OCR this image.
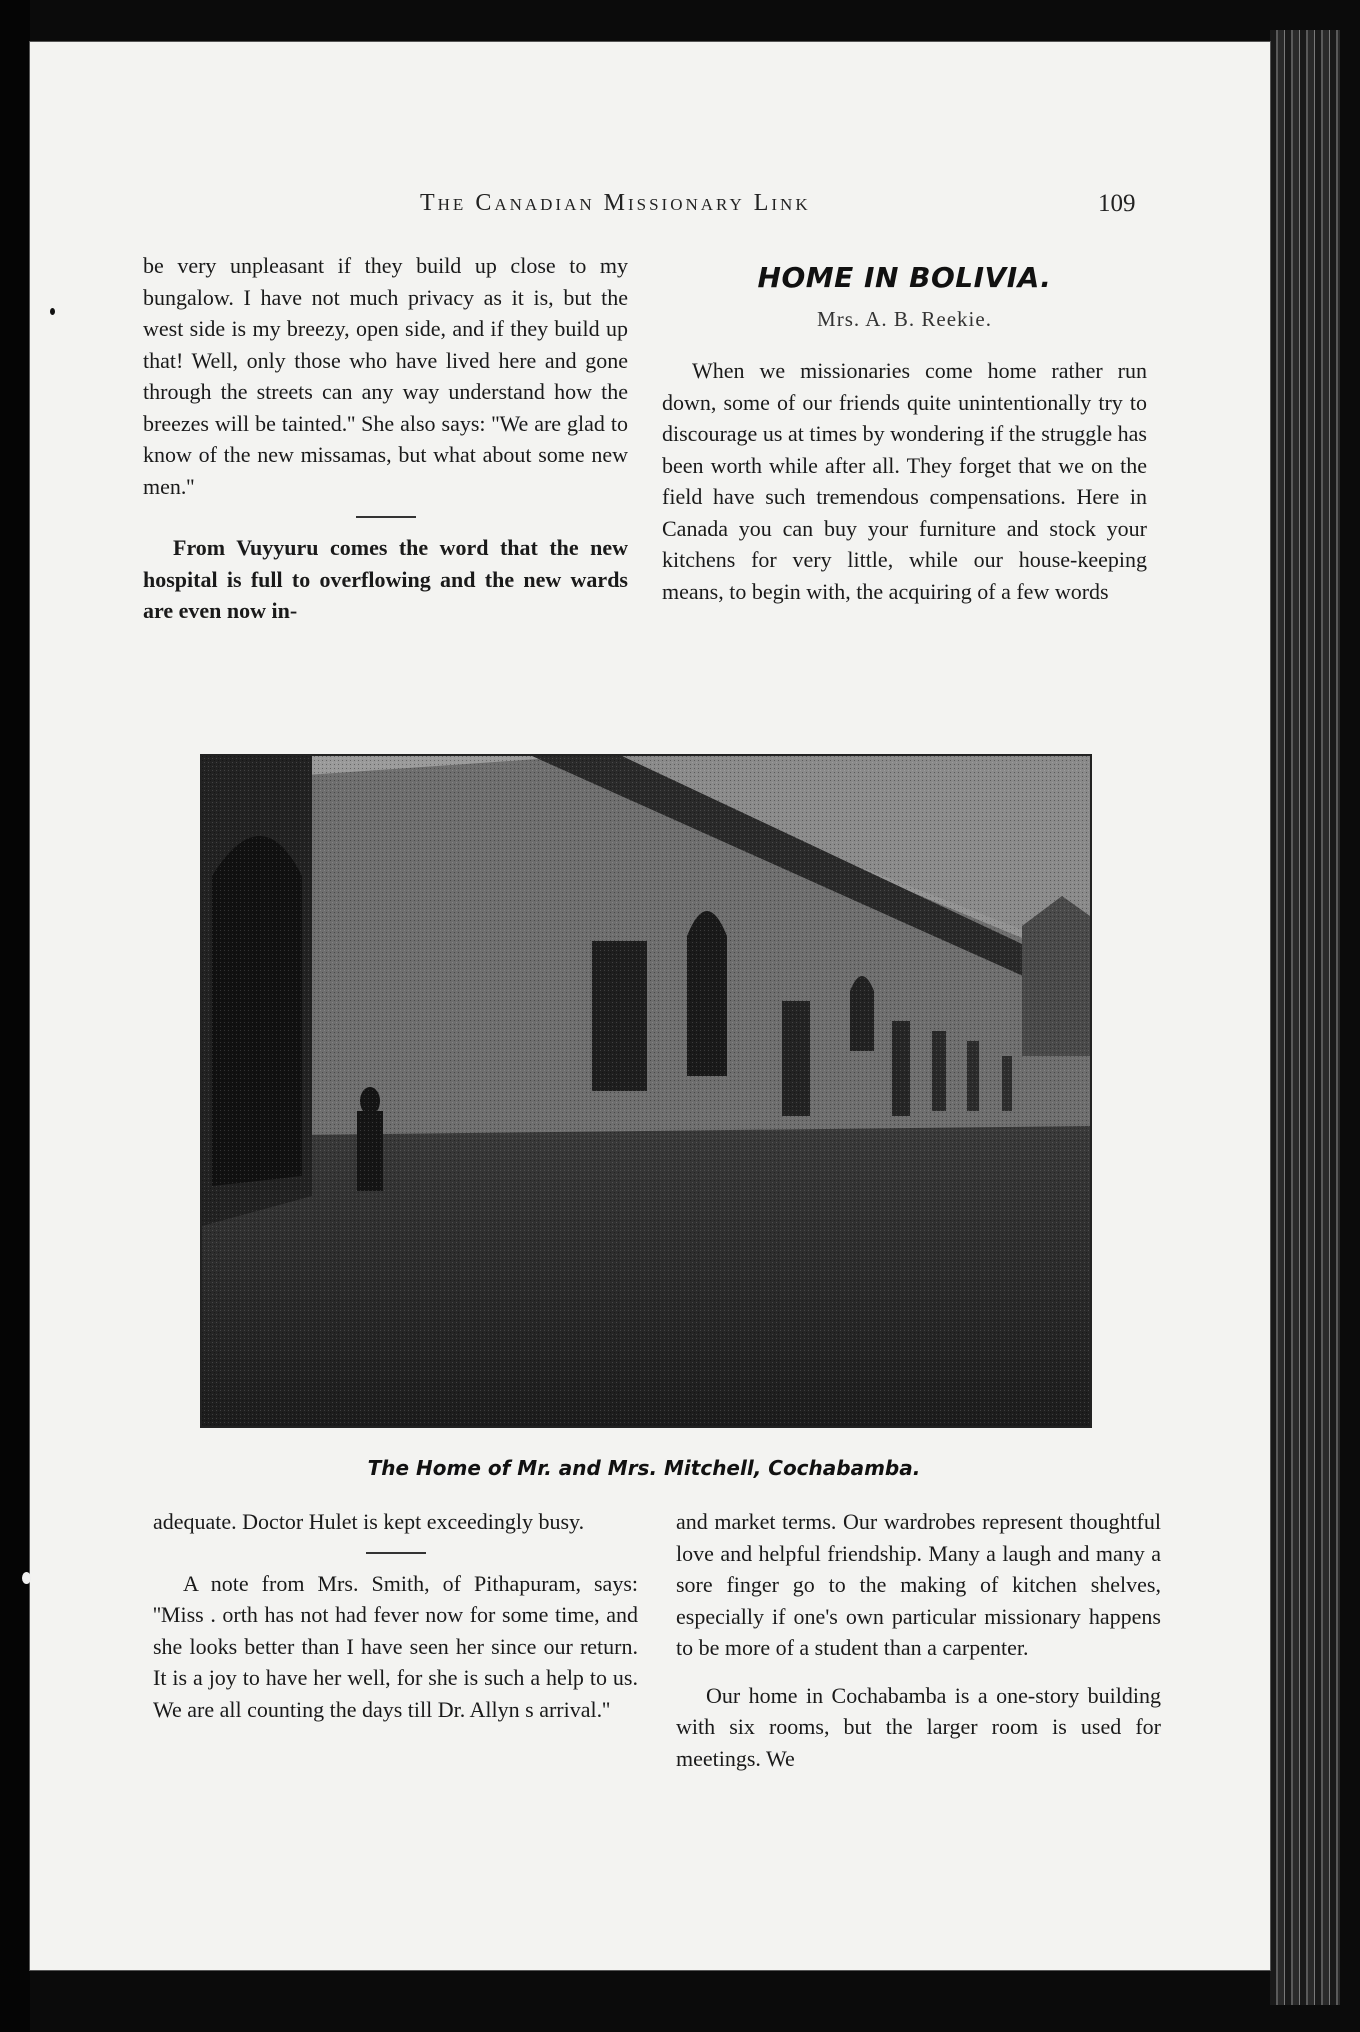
The Canadian Missionary Link	109

be very unpleasant if they build up close to my bungalow. I have not much privacy as it is, but the west side is my breezy, open side, and if they build up that! Well, only those who have lived here and gone through the streets can any way understand how the breezes will be tainted.'' She also says: ''We are glad to know of the new missamas, but what about some new men.''

From Vuyyuru comes the word that the new hospital is full to overflowing and the new wards are even now in-

HOME IN BOLIVIA.
Mrs. A. B. Reekie.

When we missionaries come home rather run down, some of our friends quite unintentionally try to discourage us at times by wondering if the struggle has been worth while after all. They forget that we on the field have such tremendous compensations. Here in Canada you can buy your furniture and stock your kitchens for very little, while our house-keeping means, to begin with, the acquiring of a few words

The Home of Mr. and Mrs. Mitchell, Cochabamba.

adequate. Doctor Hulet is kept exceedingly busy.

A note from Mrs. Smith, of Pithapuram, says: ''Miss . orth has not had fever now for some time, and she looks better than I have seen her since our return. It is a joy to have her well, for she is such a help to us. We are all counting the days till Dr. Allyn s arrival.''

and market terms. Our wardrobes represent thoughtful love and helpful friendship. Many a laugh and many a sore finger go to the making of kitchen shelves, especially if one's own particular missionary happens to be more of a student than a carpenter.

Our home in Cochabamba is a one-story building with six rooms, but the larger room is used for meetings. We
